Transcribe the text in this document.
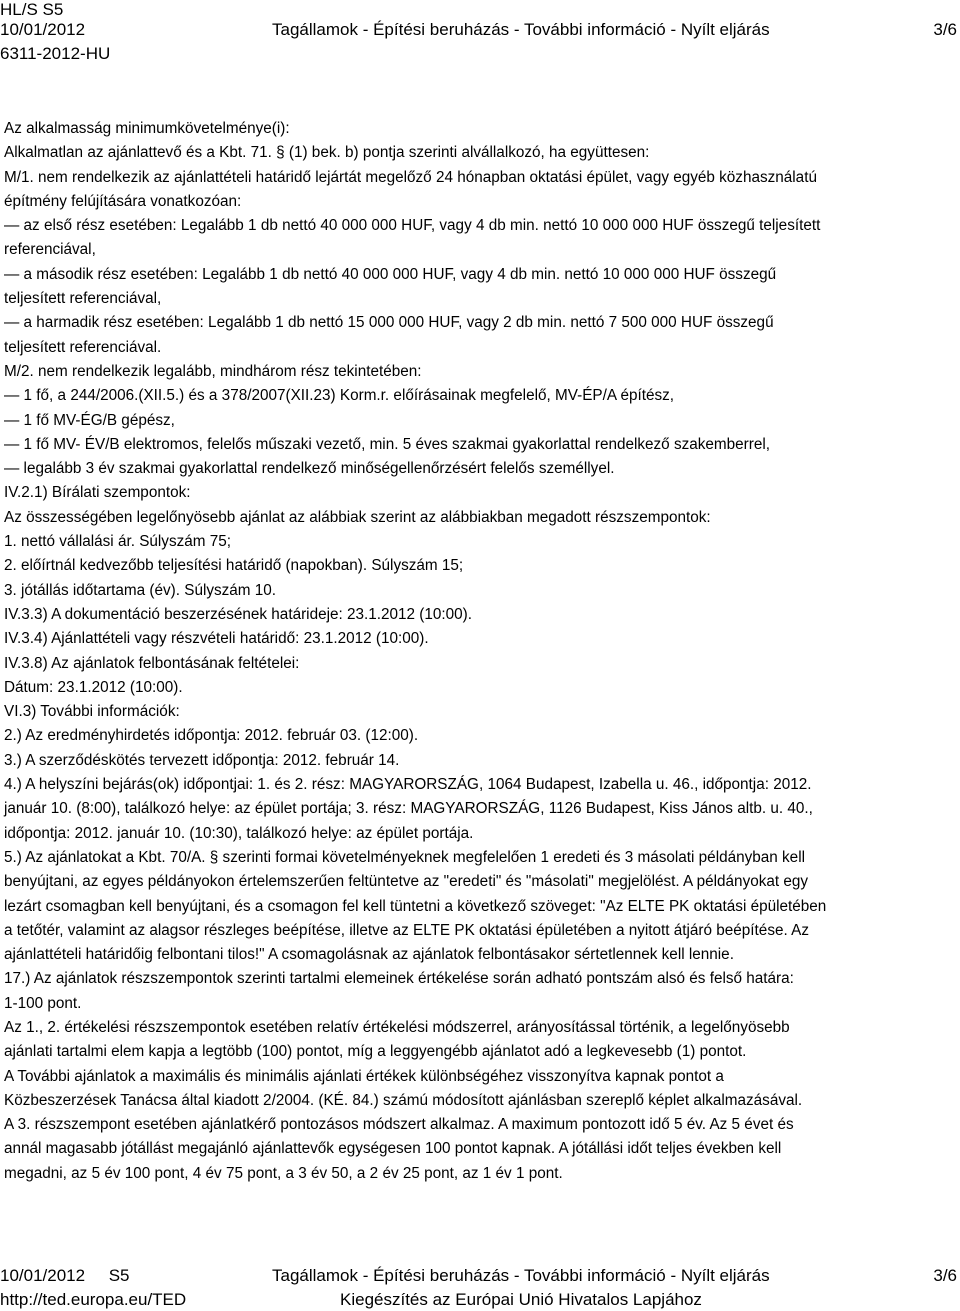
HL/S S5
10/01/2012
6311-2012-HU
Tagállamok - Építési beruházás - További információ - Nyílt eljárás	3/6
Az alkalmasság minimumkövetelménye(i):
Alkalmatlan az ajánlattevő és a Kbt. 71. § (1) bek. b) pontja szerinti alvállalkozó, ha együttesen:
M/1. nem rendelkezik az ajánlattételi határidő lejártát megelőző 24 hónapban oktatási épület, vagy egyéb közhasználatú
építmény felújítására vonatkozóan:
— az első rész esetében: Legalább 1 db nettó 40 000 000 HUF, vagy 4 db min. nettó 10 000 000 HUF összegű teljesített
referenciával,
— a második rész esetében: Legalább 1 db nettó 40 000 000 HUF, vagy 4 db min. nettó 10 000 000 HUF összegű
teljesített referenciával,
— a harmadik rész esetében: Legalább 1 db nettó 15 000 000 HUF, vagy 2 db min. nettó 7 500 000 HUF összegű
teljesített referenciával.
M/2. nem rendelkezik legalább, mindhárom rész tekintetében:
— 1 fő, a 244/2006.(XII.5.) és a 378/2007(XII.23) Korm.r. előírásainak megfelelő, MV-ÉP/A építész,
— 1 fő MV-ÉG/B gépész,
— 1 fő MV- ÉV/B elektromos, felelős műszaki vezető, min. 5 éves szakmai gyakorlattal rendelkező szakemberrel,
— legalább 3 év szakmai gyakorlattal rendelkező minőségellenőrzésért felelős személlyel.
IV.2.1) Bírálati szempontok:
Az összességében legelőnyösebb ajánlat az alábbiak szerint az alábbiakban megadott részszempontok:
1. nettó vállalási ár. Súlyszám 75;
2. előírtnál kedvezőbb teljesítési határidő (napokban). Súlyszám 15;
3. jótállás időtartama (év). Súlyszám 10.
IV.3.3) A dokumentáció beszerzésének határideje: 23.1.2012 (10:00).
IV.3.4) Ajánlattételi vagy részvételi határidő: 23.1.2012 (10:00).
IV.3.8) Az ajánlatok felbontásának feltételei:
Dátum: 23.1.2012 (10:00).
VI.3) További információk:
2.) Az eredményhirdetés időpontja: 2012. február 03. (12:00).
3.) A szerződéskötés tervezett időpontja: 2012. február 14.
4.) A helyszíni bejárás(ok) időpontjai: 1. és 2. rész: MAGYARORSZÁG, 1064 Budapest, Izabella u. 46., időpontja: 2012.
január 10. (8:00), találkozó helye: az épület portája; 3. rész: MAGYARORSZÁG, 1126 Budapest, Kiss János altb. u. 40.,
időpontja: 2012. január 10. (10:30), találkozó helye: az épület portája.
5.) Az ajánlatokat a Kbt. 70/A. § szerinti formai követelményeknek megfelelően 1 eredeti és 3 másolati példányban kell
benyújtani, az egyes példányokon értelemszerűen feltüntetve az "eredeti" és "másolati" megjelölést. A példányokat egy
lezárt csomagban kell benyújtani, és a csomagon fel kell tüntetni a következő szöveget: "Az ELTE PK oktatási épületében
a tetőtér, valamint az alagsor részleges beépítése, illetve az ELTE PK oktatási épületében a nyitott átjáró beépítése. Az
ajánlattételi határidőig felbontani tilos!" A csomagolásnak az ajánlatok felbontásakor sértetlennek kell lennie.
17.) Az ajánlatok részszempontok szerinti tartalmi elemeinek értékelése során adható pontszám alsó és felső határa:
1-100 pont.
Az 1., 2. értékelési részszempontok esetében relatív értékelési módszerrel, arányosítással történik, a legelőnyösebb
ajánlati tartalmi elem kapja a legtöbb (100) pontot, míg a leggyengébb ajánlatot adó a legkevesebb (1) pontot.
A További ajánlatok a maximális és minimális ajánlati értékek különbségéhez visszonyítva kapnak pontot a
Közbeszerzések Tanácsa által kiadott 2/2004. (KÉ. 84.) számú módosított ajánlásban szereplő képlet alkalmazásával.
A 3. részszempont esetében ajánlatkérő pontozásos módszert alkalmaz. A maximum pontozott idő 5 év. Az 5 évet és
annál magasabb jótállást megajánló ajánlattevők egységesen 100 pontot kapnak. A jótállási időt teljes években kell
megadni, az 5 év 100 pont, 4 év 75 pont, a 3 év 50, a 2 év 25 pont, az 1 év 1 pont.
10/01/2012     S5
http://ted.europa.eu/TED
Tagállamok - Építési beruházás - További információ - Nyílt eljárás
Kiegészítés az Európai Unió Hivatalos Lapjához
3/6
